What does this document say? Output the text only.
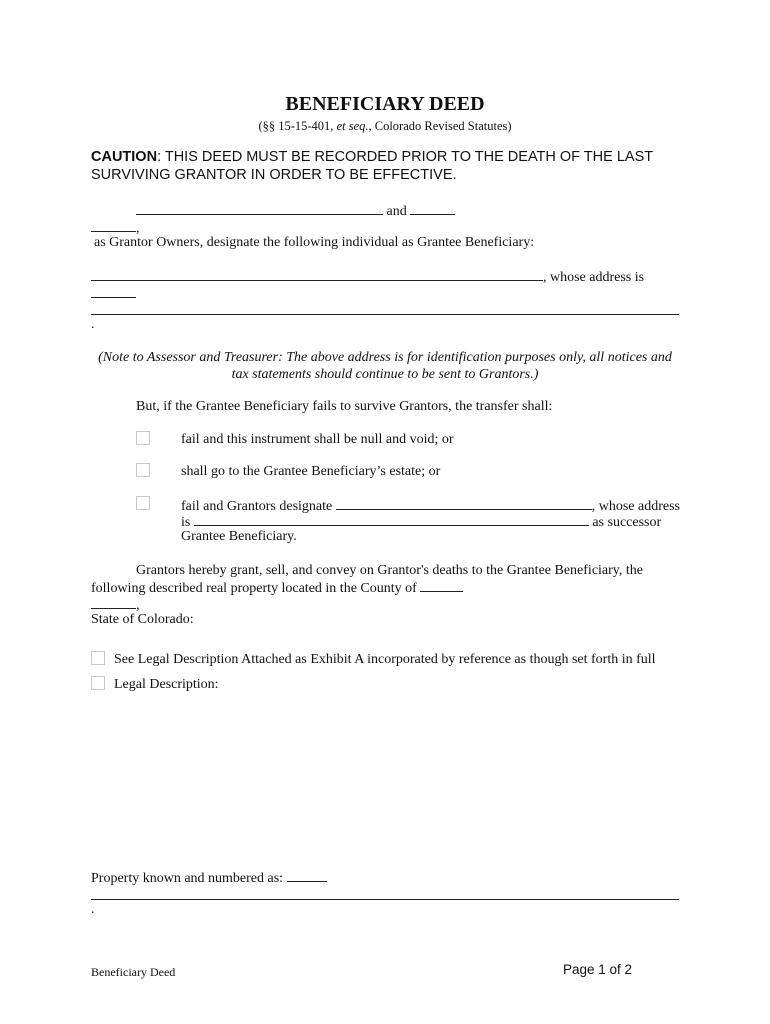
BENEFICIARY DEED
(§§ 15-15-401, et seq., Colorado Revised Statutes)
CAUTION: THIS DEED MUST BE RECORDED PRIOR TO THE DEATH OF THE LAST
SURVIVING GRANTOR IN ORDER TO BE EFFECTIVE.
and
,
as Grantor Owners, designate the following individual as Grantee Beneficiary:
, whose address is
.
(Note to Assessor and Treasurer: The above address is for identification purposes only, all notices and tax statements should continue to be sent to Grantors.)
But, if the Grantee Beneficiary fails to survive Grantors, the transfer shall:
fail and this instrument shall be null and void; or
shall go to the Grantee Beneficiary’s estate; or
fail and Grantors designate	, whose address
is	as successor
Grantee Beneficiary.
Grantors hereby grant, sell, and convey on Grantor's deaths to the Grantee Beneficiary, the
following described real property located in the County of
,
State of Colorado:
See Legal Description Attached as Exhibit A incorporated by reference as though set forth in full
Legal Description:
Property known and numbered as:
.
Beneficiary Deed	Page 1 of 2
